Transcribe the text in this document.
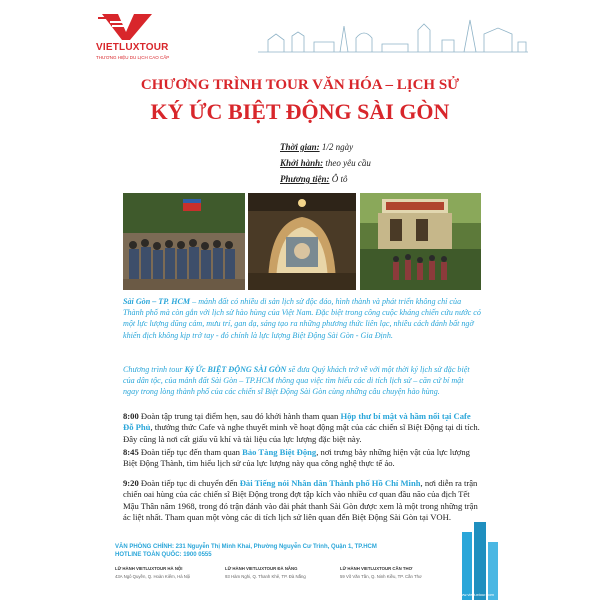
VIETLUXTOUR
THƯƠNG HIỆU DU LỊCH CAO CẤP
CHƯƠNG TRÌNH TOUR VĂN HÓA – LỊCH SỬ
KÝ ỨC BIỆT ĐỘNG SÀI GÒN
Thời gian: 1/2 ngày
Khởi hành: theo yêu cầu
Phương tiện: Ô tô
Sài Gòn – TP. HCM – mảnh đất có nhiều di sản lịch sử độc đáo, hình thành và phát triển không chỉ của Thành phố mà còn gắn với lịch sử hào hùng của Việt Nam. Đặc biệt trong công cuộc kháng chiến cứu nước có một lực lượng dũng cảm, mưu trí, gan dạ, sáng tạo ra những phương thức liên lạc, nhiều cách đánh bất ngờ khiến địch không kịp trở tay - đó chính là lực lượng Biệt Động Sài Gòn - Gia Định.
Chương trình tour Ký Ức BIỆT ĐỘNG SÀI GÒN sẽ đưa Quý khách trở về với một thời ký lịch sử đặc biệt của dân tộc, của mảnh đất Sài Gòn – TP.HCM thông qua việc tìm hiểu các di tích lịch sử – căn cứ bí mật ngay trong lòng thành phố của các chiến sĩ Biệt Động Sài Gòn cùng những câu chuyện hào hùng.
8:00 Đoàn tập trung tại điểm hẹn, sau đó khởi hành tham quan Hộp thư bí mật và hầm nổi tại Cafe Đỗ Phủ, thưởng thức Cafe và nghe thuyết minh về hoạt động mật của các chiến sĩ Biệt Động tại di tích. Đây cũng là nơi cất giấu vũ khí và tài liệu của lực lượng đặc biệt này.
8:45 Đoàn tiếp tục đến tham quan Bảo Tàng Biệt Động, nơi trưng bày những hiện vật của lực lượng Biệt Động Thành, tìm hiểu lịch sử của lực lượng này qua công nghệ thực tế ảo.
9:20 Đoàn tiếp tục di chuyển đến Đài Tiếng nói Nhân dân Thành phố Hồ Chí Minh, nơi diễn ra trận chiến oai hùng của các chiến sĩ Biệt Động trong đợt tập kích vào nhiều cơ quan đầu não của địch Tết Mậu Thân năm 1968, trong đó trận đánh vào đài phát thanh Sài Gòn được xem là một trong những trận ác liệt nhất. Tham quan một vòng các di tích lịch sử liên quan đến Biệt Động Sài Gòn tại VOH.
VĂN PHÒNG CHÍNH: 231 Nguyễn Thị Minh Khai, Phường Nguyễn Cư Trinh, Quận 1, TP.HCM
HOTLINE TOÀN QUỐC: 1900 0555
LỮ HÀNH VIETLUXTOUR HÀ NỘI
43A Ngô Quyền, Q. Hoàn Kiếm, Hà Nội
LỮ HÀNH VIETLUXTOUR ĐÀ NẴNG
93 Hàm Nghi, Q. Thanh Khê, TP. Đà Nẵng
LỮ HÀNH VIETLUXTOUR CẦN THƠ
59 Võ Văn Tần, Q. Ninh Kiều, TP. Cần Thơ
www.vietluxtour.com
